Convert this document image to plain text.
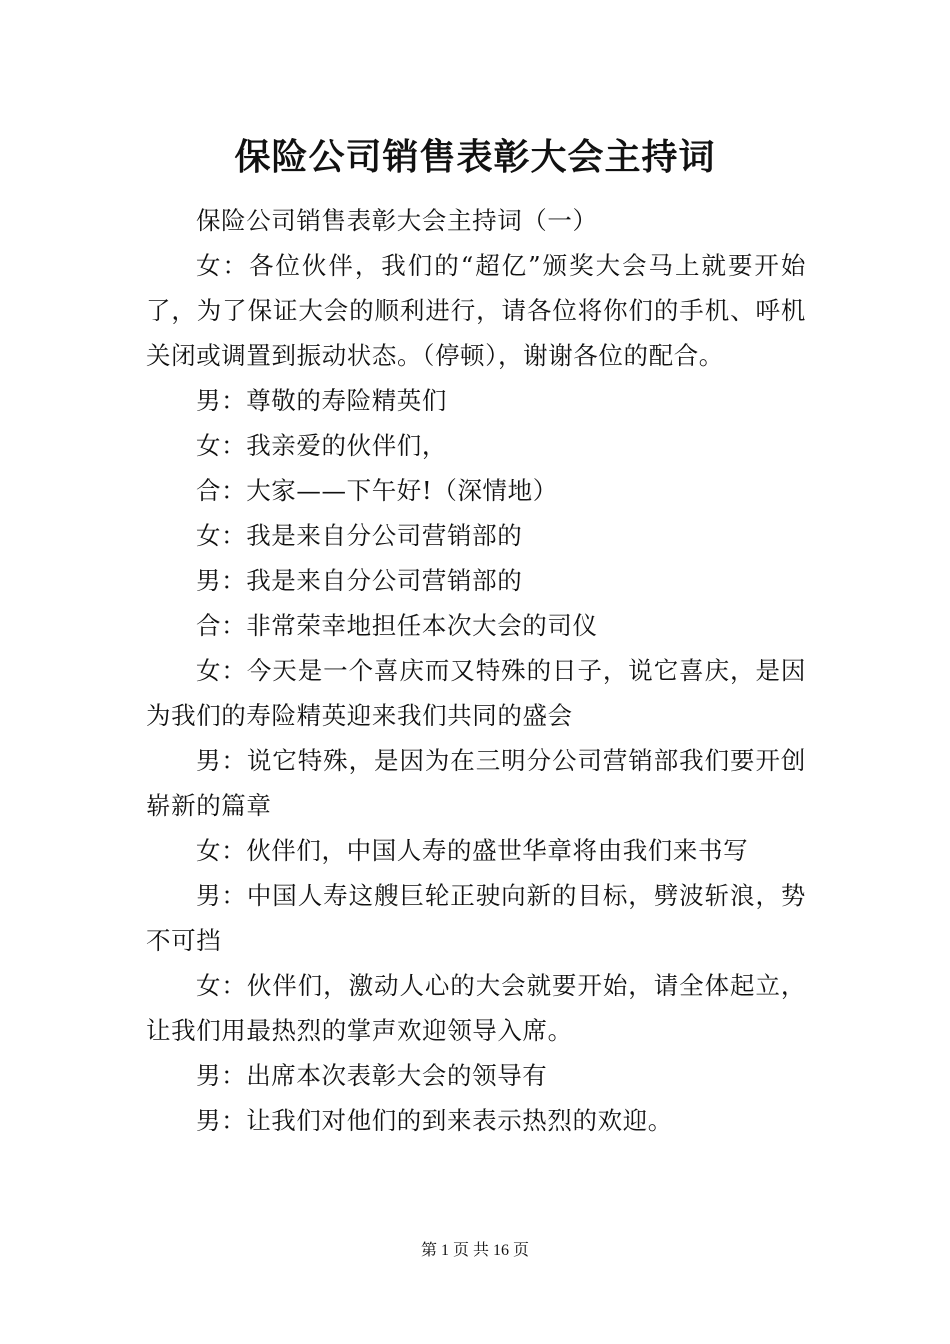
保险公司销售表彰大会主持词

保险公司销售表彰大会主持词（一）

女：各位伙伴，我们的“超亿”颁奖大会马上就要开始了，为了保证大会的顺利进行，请各位将你们的手机、呼机关闭或调置到振动状态。（停顿），谢谢各位的配合。

男：尊敬的寿险精英们

女：我亲爱的伙伴们，

合：大家——下午好!（深情地）

女：我是来自分公司营销部的

男：我是来自分公司营销部的

合：非常荣幸地担任本次大会的司仪

女：今天是一个喜庆而又特殊的日子，说它喜庆，是因为我们的寿险精英迎来我们共同的盛会

男：说它特殊，是因为在三明分公司营销部我们要开创崭新的篇章

女：伙伴们，中国人寿的盛世华章将由我们来书写

男：中国人寿这艘巨轮正驶向新的目标，劈波斩浪，势不可挡

女：伙伴们，激动人心的大会就要开始，请全体起立，让我们用最热烈的掌声欢迎领导入席。

男：出席本次表彰大会的领导有

男：让我们对他们的到来表示热烈的欢迎。

第 1 页 共 16 页
